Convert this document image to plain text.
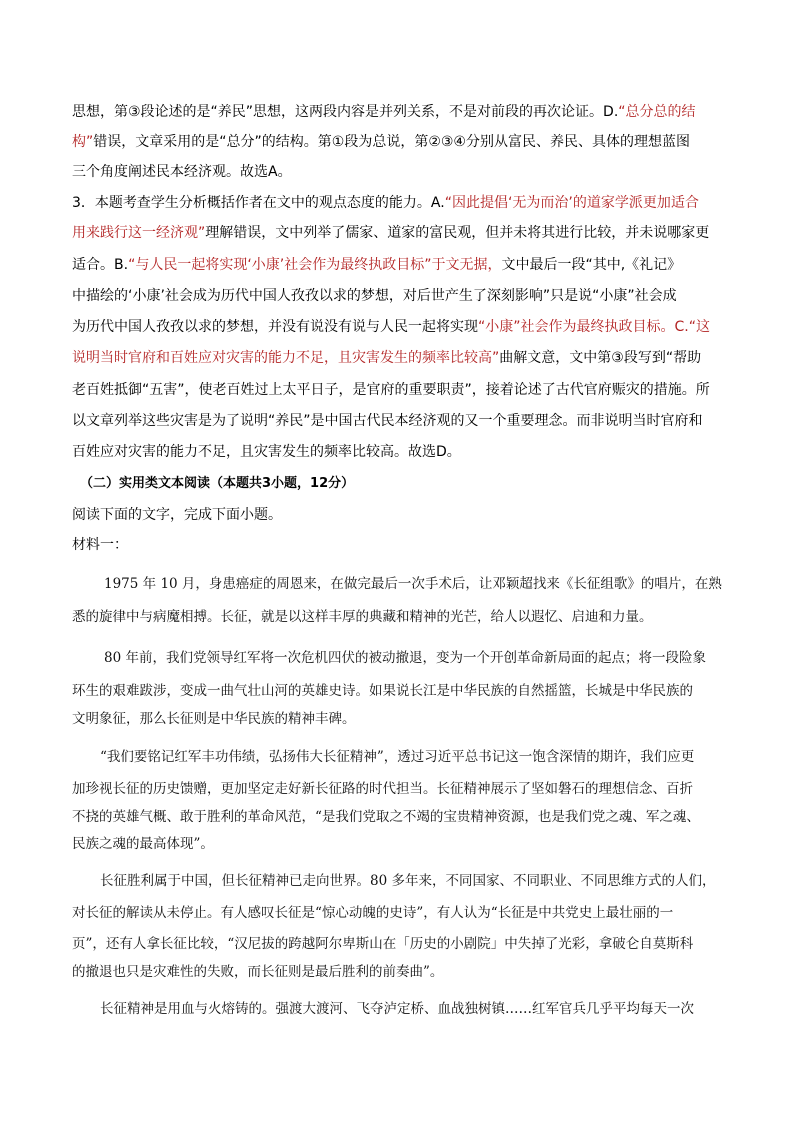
思想，第③段论述的是“养民”思想，这两段内容是并列关系，不是对前段的再次论证。D.“总分总的结
构”错误，文章采用的是“总分”的结构。第①段为总说，第②③④分别从富民、养民、具体的理想蓝图
三个角度阐述民本经济观。故选A。
3．本题考查学生分析概括作者在文中的观点态度的能力。A.“因此提倡‘无为而治’的道家学派更加适合
用来践行这一经济观”理解错误，文中列举了儒家、道家的富民观，但并未将其进行比较，并未说哪家更
适合。B.“与人民一起将实现‘小康’社会作为最终执政目标”于文无据，文中最后一段“其中,《礼记》
中描绘的‘小康’社会成为历代中国人孜孜以求的梦想，对后世产生了深刻影响”只是说“小康”社会成
为历代中国人孜孜以求的梦想，并没有说没有说与人民一起将实现“小康”社会作为最终执政目标。C.“这
说明当时官府和百姓应对灾害的能力不足，且灾害发生的频率比较高”曲解文意，文中第③段写到“帮助
老百姓抵御“五害”，使老百姓过上太平日子，是官府的重要职责”，接着论述了古代官府赈灾的措施。所
以文章列举这些灾害是为了说明“养民”是中国古代民本经济观的又一个重要理念。而非说明当时官府和
百姓应对灾害的能力不足，且灾害发生的频率比较高。故选D。
（二）实用类文本阅读（本题共3小题，12分）
阅读下面的文字，完成下面小题。
材料一：
1975 年 10 月，身患癌症的周恩来，在做完最后一次手术后，让邓颖超找来《长征组歌》的唱片，在熟
悉的旋律中与病魔相搏。长征，就是以这样丰厚的典藏和精神的光芒，给人以遐忆、启迪和力量。
80 年前，我们党领导红军将一次危机四伏的被动撤退，变为一个开创革命新局面的起点；将一段险象
环生的艰难跋涉，变成一曲气壮山河的英雄史诗。如果说长江是中华民族的自然摇篮，长城是中华民族的
文明象征，那么长征则是中华民族的精神丰碑。
“我们要铭记红军丰功伟绩，弘扬伟大长征精神”，透过习近平总书记这一饱含深情的期许，我们应更
加珍视长征的历史馈赠，更加坚定走好新长征路的时代担当。长征精神展示了坚如磐石的理想信念、百折
不挠的英雄气概、敢于胜利的革命风范，“是我们党取之不竭的宝贵精神资源，也是我们党之魂、军之魂、
民族之魂的最高体现”。
长征胜利属于中国，但长征精神已走向世界。80 多年来，不同国家、不同职业、不同思维方式的人们，
对长征的解读从未停止。有人感叹长征是“惊心动魄的史诗”，有人认为“长征是中共党史上最壮丽的一
页”，还有人拿长征比较，“汉尼拔的跨越阿尔卑斯山在「历史的小剧院」中失掉了光彩，拿破仑自莫斯科
的撤退也只是灾难性的失败，而长征则是最后胜利的前奏曲”。
长征精神是用血与火熔铸的。强渡大渡河、飞夺泸定桥、血战独树镇……红军官兵几乎平均每天一次
